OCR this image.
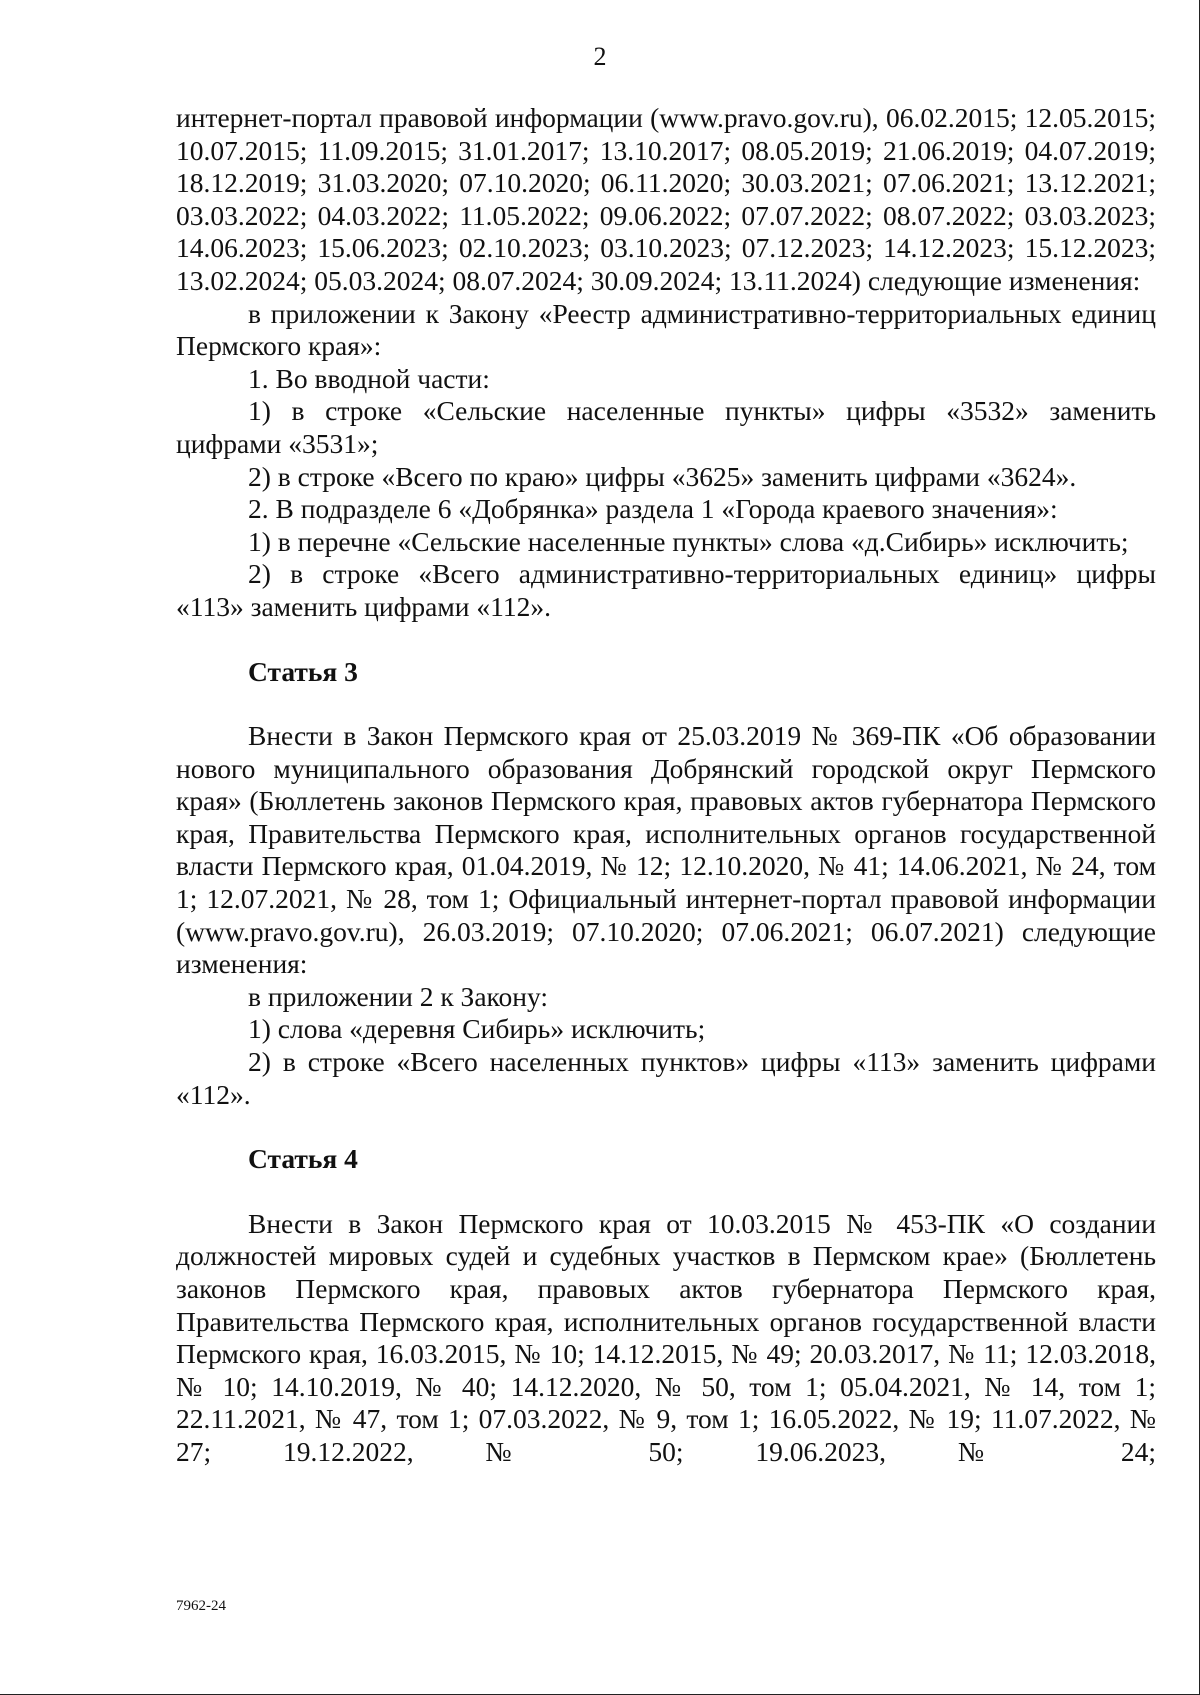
2

интернет-портал правовой информации (www.pravo.gov.ru), 06.02.2015; 12.05.2015; 10.07.2015; 11.09.2015; 31.01.2017; 13.10.2017; 08.05.2019; 21.06.2019; 04.07.2019; 18.12.2019; 31.03.2020; 07.10.2020; 06.11.2020; 30.03.2021; 07.06.2021; 13.12.2021; 03.03.2022; 04.03.2022; 11.05.2022; 09.06.2022; 07.07.2022; 08.07.2022; 03.03.2023; 14.06.2023; 15.06.2023; 02.10.2023; 03.10.2023; 07.12.2023; 14.12.2023; 15.12.2023; 13.02.2024; 05.03.2024; 08.07.2024; 30.09.2024; 13.11.2024) следующие изменения:

в приложении к Закону «Реестр административно-территориальных единиц Пермского края»:

1. Во вводной части:

1) в строке «Сельские населенные пункты» цифры «3532» заменить цифрами «3531»;

2) в строке «Всего по краю» цифры «3625» заменить цифрами «3624».

2. В подразделе 6 «Добрянка» раздела 1 «Города краевого значения»:

1) в перечне «Сельские населенные пункты» слова «д.Сибирь» исключить;

2) в строке «Всего административно-территориальных единиц» цифры «113» заменить цифрами «112».

Статья 3

Внести в Закон Пермского края от 25.03.2019 № 369-ПК «Об образовании нового муниципального образования Добрянский городской округ Пермского края» (Бюллетень законов Пермского края, правовых актов губернатора Пермского края, Правительства Пермского края, исполнительных органов государственной власти Пермского края, 01.04.2019, № 12; 12.10.2020, № 41; 14.06.2021, № 24, том 1; 12.07.2021, № 28, том 1; Официальный интернет-портал правовой информации (www.pravo.gov.ru), 26.03.2019; 07.10.2020; 07.06.2021; 06.07.2021) следующие изменения:

в приложении 2 к Закону:

1) слова «деревня Сибирь» исключить;

2) в строке «Всего населенных пунктов» цифры «113» заменить цифрами «112».

Статья 4

Внести в Закон Пермского края от 10.03.2015 № 453-ПК «О создании должностей мировых судей и судебных участков в Пермском крае» (Бюллетень законов Пермского края, правовых актов губернатора Пермского края, Правительства Пермского края, исполнительных органов государственной власти Пермского края, 16.03.2015, № 10; 14.12.2015, № 49; 20.03.2017, № 11; 12.03.2018, № 10; 14.10.2019, № 40; 14.12.2020, № 50, том 1; 05.04.2021, № 14, том 1; 22.11.2021, № 47, том 1; 07.03.2022, № 9, том 1; 16.05.2022, № 19; 11.07.2022, № 27; 19.12.2022, № 50; 19.06.2023, № 24;

7962-24
